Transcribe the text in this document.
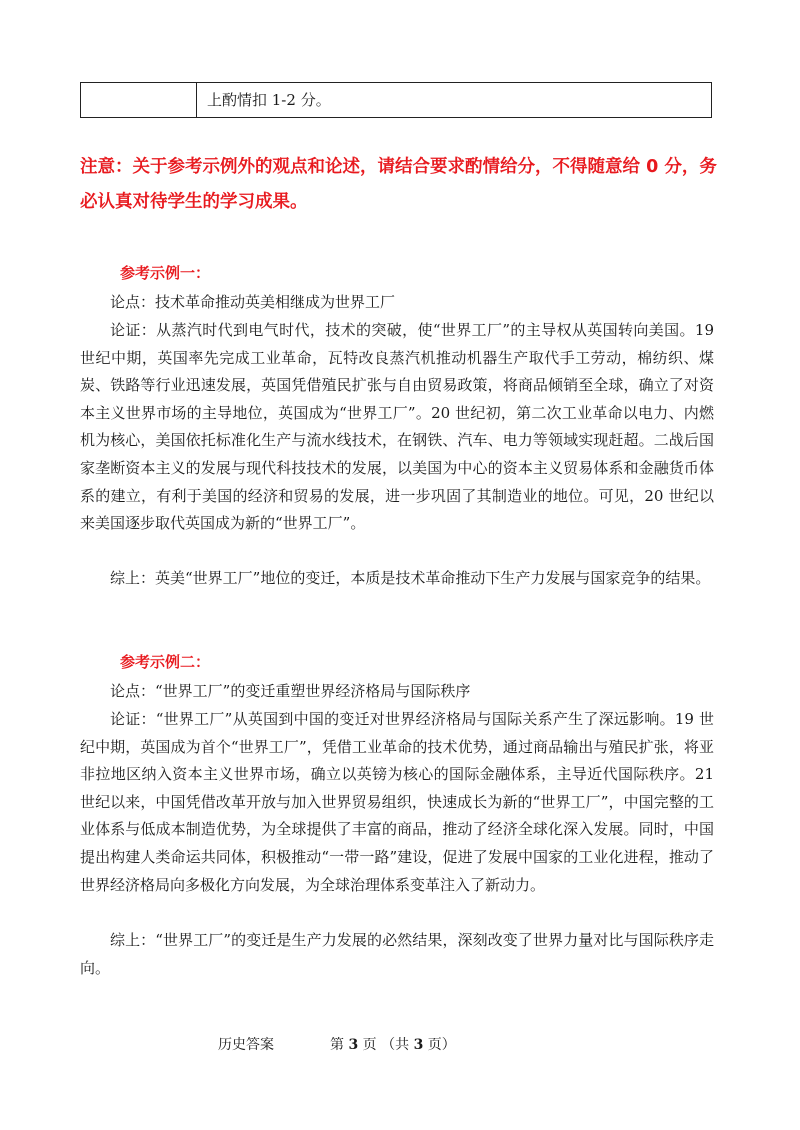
上酌情扣 1-2 分。
注意：关于参考示例外的观点和论述，请结合要求酌情给分，不得随意给 0 分，务必认真对待学生的学习成果。
参考示例一：
论点：技术革命推动英美相继成为世界工厂
论证：从蒸汽时代到电气时代，技术的突破，使“世界工厂”的主导权从英国转向美国。19 世纪中期，英国率先完成工业革命，瓦特改良蒸汽机推动机器生产取代手工劳动，棉纺织、煤炭、铁路等行业迅速发展，英国凭借殖民扩张与自由贸易政策，将商品倾销至全球，确立了对资本主义世界市场的主导地位，英国成为“世界工厂”。20 世纪初，第二次工业革命以电力、内燃机为核心，美国依托标准化生产与流水线技术，在钢铁、汽车、电力等领域实现赶超。二战后国家垄断资本主义的发展与现代科技技术的发展，以美国为中心的资本主义贸易体系和金融货币体系的建立，有利于美国的经济和贸易的发展，进一步巩固了其制造业的地位。可见，20 世纪以来美国逐步取代英国成为新的“世界工厂”。
综上：英美“世界工厂”地位的变迁，本质是技术革命推动下生产力发展与国家竞争的结果。
参考示例二：
论点：“世界工厂”的变迁重塑世界经济格局与国际秩序
论证：“世界工厂”从英国到中国的变迁对世界经济格局与国际关系产生了深远影响。19 世纪中期，英国成为首个“世界工厂”，凭借工业革命的技术优势，通过商品输出与殖民扩张，将亚非拉地区纳入资本主义世界市场，确立以英镑为核心的国际金融体系，主导近代国际秩序。21 世纪以来，中国凭借改革开放与加入世界贸易组织，快速成长为新的“世界工厂”，中国完整的工业体系与低成本制造优势，为全球提供了丰富的商品，推动了经济全球化深入发展。同时，中国提出构建人类命运共同体，积极推动“一带一路”建设，促进了发展中国家的工业化进程，推动了世界经济格局向多极化方向发展，为全球治理体系变革注入了新动力。
综上：“世界工厂”的变迁是生产力发展的必然结果，深刻改变了世界力量对比与国际秩序走向。
历史答案	第 3 页 （共 3 页）
